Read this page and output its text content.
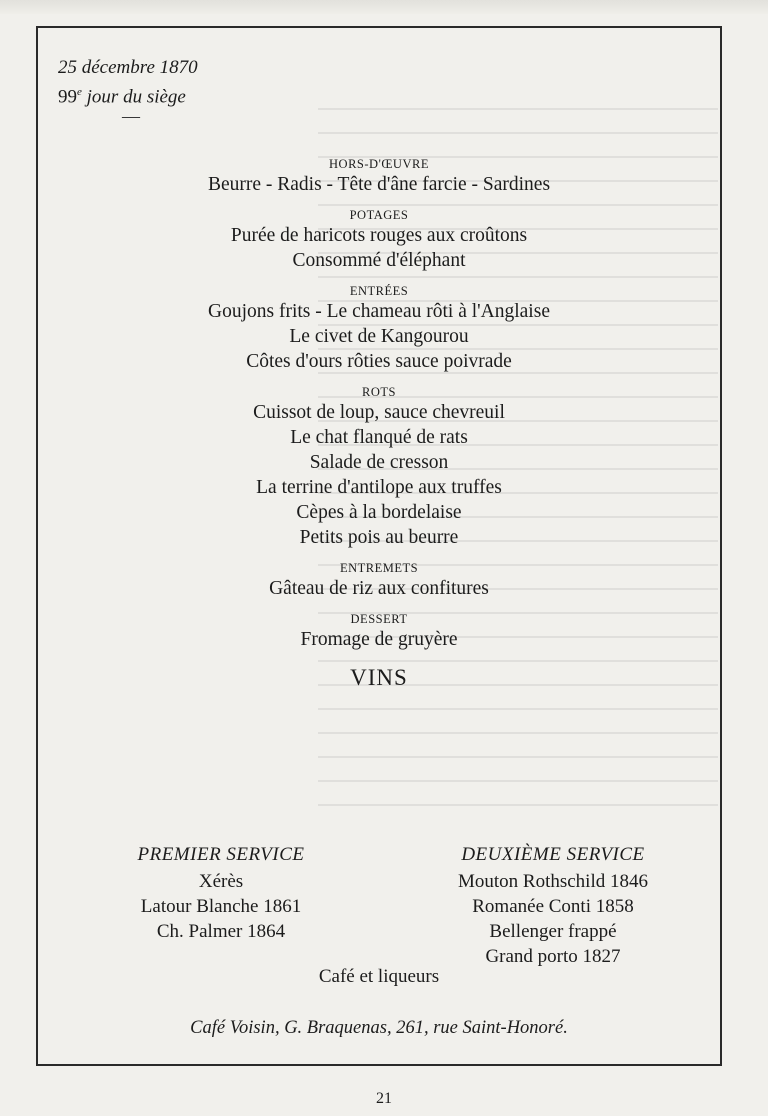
25 décembre 1870
99e jour du siège
—
HORS-D'ŒUVRE
Beurre - Radis - Tête d'âne farcie - Sardines
POTAGES
Purée de haricots rouges aux croûtons
Consommé d'éléphant
ENTRÉES
Goujons frits - Le chameau rôti à l'Anglaise
Le civet de Kangourou
Côtes d'ours rôties sauce poivrade
ROTS
Cuissot de loup, sauce chevreuil
Le chat flanqué de rats
Salade de cresson
La terrine d'antilope aux truffes
Cèpes à la bordelaise
Petits pois au beurre
ENTREMETS
Gâteau de riz aux confitures
DESSERT
Fromage de gruyère
VINS
PREMIER SERVICE
Xérès
Latour Blanche 1861
Ch. Palmer 1864
DEUXIÈME SERVICE
Mouton Rothschild 1846
Romanée Conti 1858
Bellenger frappé
Grand porto 1827
Café et liqueurs
Café Voisin, G. Braquenas, 261, rue Saint-Honoré.
21
